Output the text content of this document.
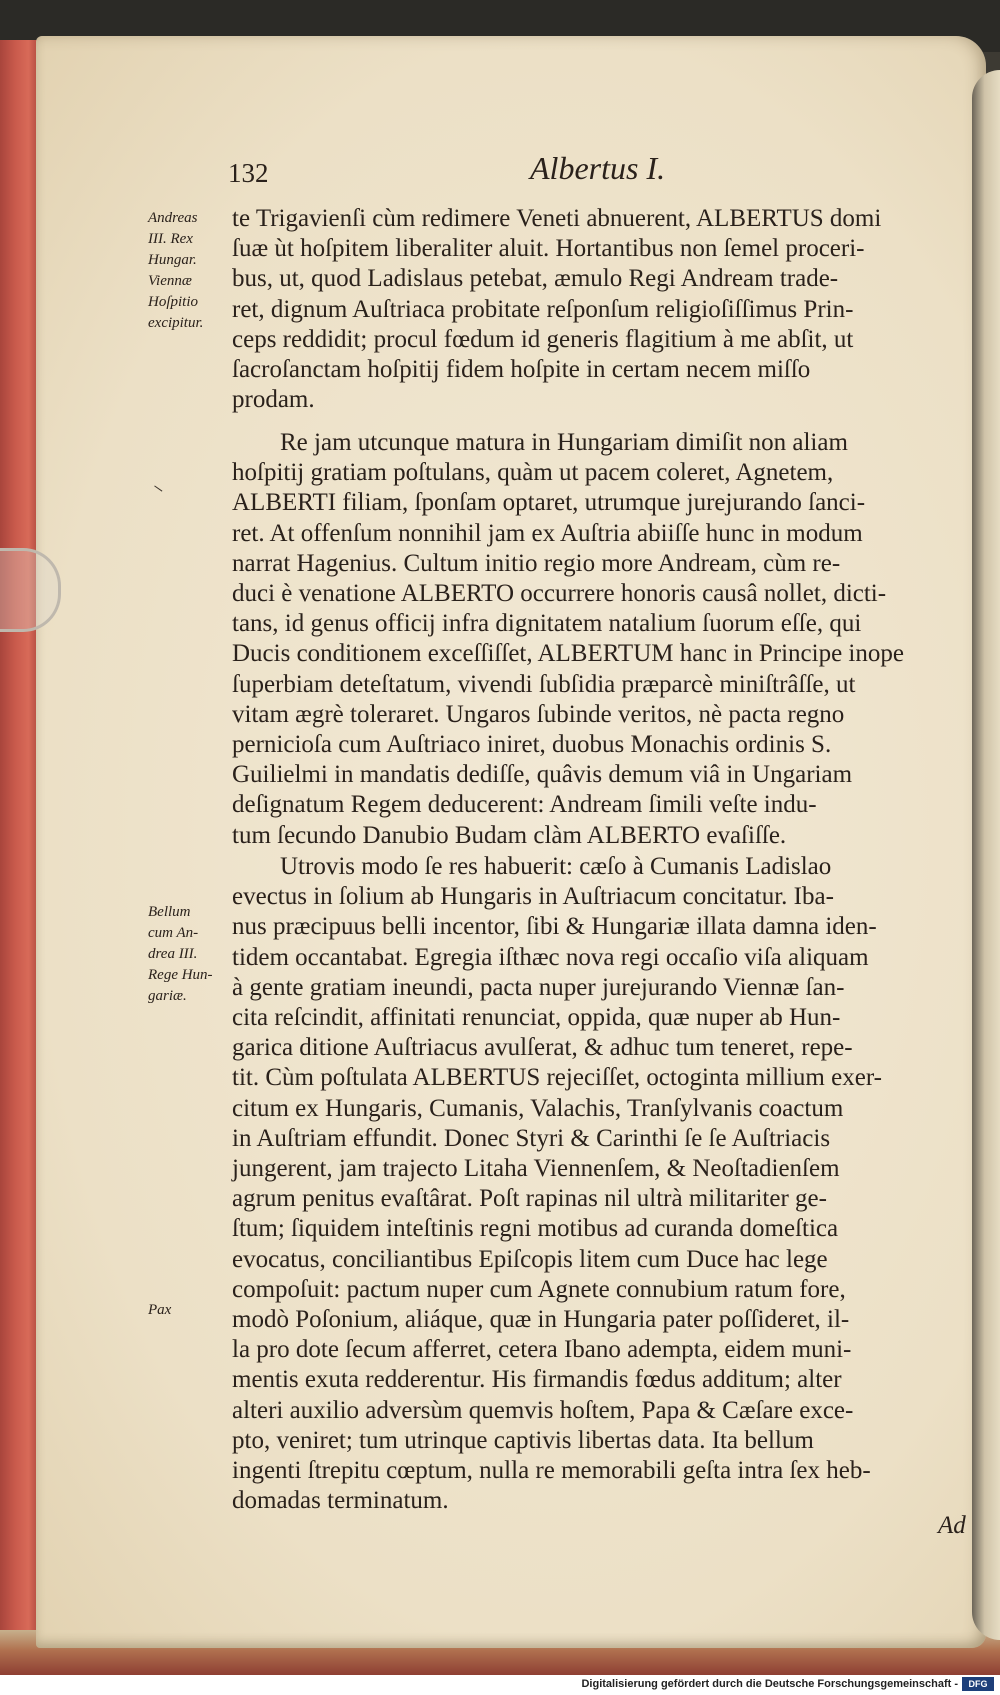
132	Albertus I.
Andreas
III. Rex
Hungar.
Viennæ
Hoſpitio
excipitur.
Bellum
cum An-
drea III.
Rege Hun-
gariæ.
Pax
−
te Trigavienſi cùm redimere Veneti abnuerent, ALBERTUS domi
ſuæ ùt hoſpitem liberaliter aluit. Hortantibus non ſemel proceri-
bus, ut, quod Ladislaus petebat, æmulo Regi Andream trade-
ret, dignum Auſtriaca probitate reſponſum religioſiſſimus Prin-
ceps reddidit; procul fœdum id generis flagitium à me abſit, ut
ſacroſanctam hoſpitij fidem hoſpite in certam necem miſſo
prodam.
Re jam utcunque matura in Hungariam dimiſit non aliam
hoſpitij gratiam poſtulans, quàm ut pacem coleret, Agnetem,
ALBERTI filiam, ſponſam optaret, utrumque jurejurando ſanci-
ret. At offenſum nonnihil jam ex Auſtria abiiſſe hunc in modum
narrat Hagenius. Cultum initio regio more Andream, cùm re-
duci è venatione ALBERTO occurrere honoris causâ nollet, dicti-
tans, id genus officij infra dignitatem natalium ſuorum eſſe, qui
Ducis conditionem exceſſiſſet, ALBERTUM hanc in Principe inope
ſuperbiam deteſtatum, vivendi ſubſidia præparcè miniſtrâſſe, ut
vitam ægrè toleraret. Ungaros ſubinde veritos, nè pacta regno
pernicioſa cum Auſtriaco iniret, duobus Monachis ordinis S.
Guilielmi in mandatis dediſſe, quâvis demum viâ in Ungariam
deſignatum Regem deducerent: Andream ſimili veſte indu-
tum ſecundo Danubio Budam clàm ALBERTO evaſiſſe.
Utrovis modo ſe res habuerit: cæſo à Cumanis Ladislao
evectus in ſolium ab Hungaris in Auſtriacum concitatur. Iba-
nus præcipuus belli incentor, ſibi & Hungariæ illata damna iden-
tidem occantabat. Egregia iſthæc nova regi occaſio viſa aliquam
à gente gratiam ineundi, pacta nuper jurejurando Viennæ ſan-
cita reſcindit, affinitati renunciat, oppida, quæ nuper ab Hun-
garica ditione Auſtriacus avulſerat, & adhuc tum teneret, repe-
tit. Cùm poſtulata ALBERTUS rejeciſſet, octoginta millium exer-
citum ex Hungaris, Cumanis, Valachis, Tranſylvanis coactum
in Auſtriam effundit. Donec Styri & Carinthi ſe ſe Auſtriacis
jungerent, jam trajecto Litaha Viennenſem, & Neoſtadienſem
agrum penitus evaſtârat. Poſt rapinas nil ultrà militariter ge-
ſtum; ſiquidem inteſtinis regni motibus ad curanda domeſtica
evocatus, conciliantibus Epiſcopis litem cum Duce hac lege
compoſuit: pactum nuper cum Agnete connubium ratum fore,
modò Poſonium, aliáque, quæ in Hungaria pater poſſideret, il-
la pro dote ſecum afferret, cetera Ibano adempta, eidem muni-
mentis exuta redderentur. His firmandis fœdus additum; alter
alteri auxilio adversùm quemvis hoſtem, Papa & Cæſare exce-
pto, veniret; tum utrinque captivis libertas data. Ita bellum
ingenti ſtrepitu cœptum, nulla re memorabili geſta intra ſex heb-
domadas terminatum.
Ad
Digitalisierung gefördert durch die Deutsche Forschungsgemeinschaft -	DFG
